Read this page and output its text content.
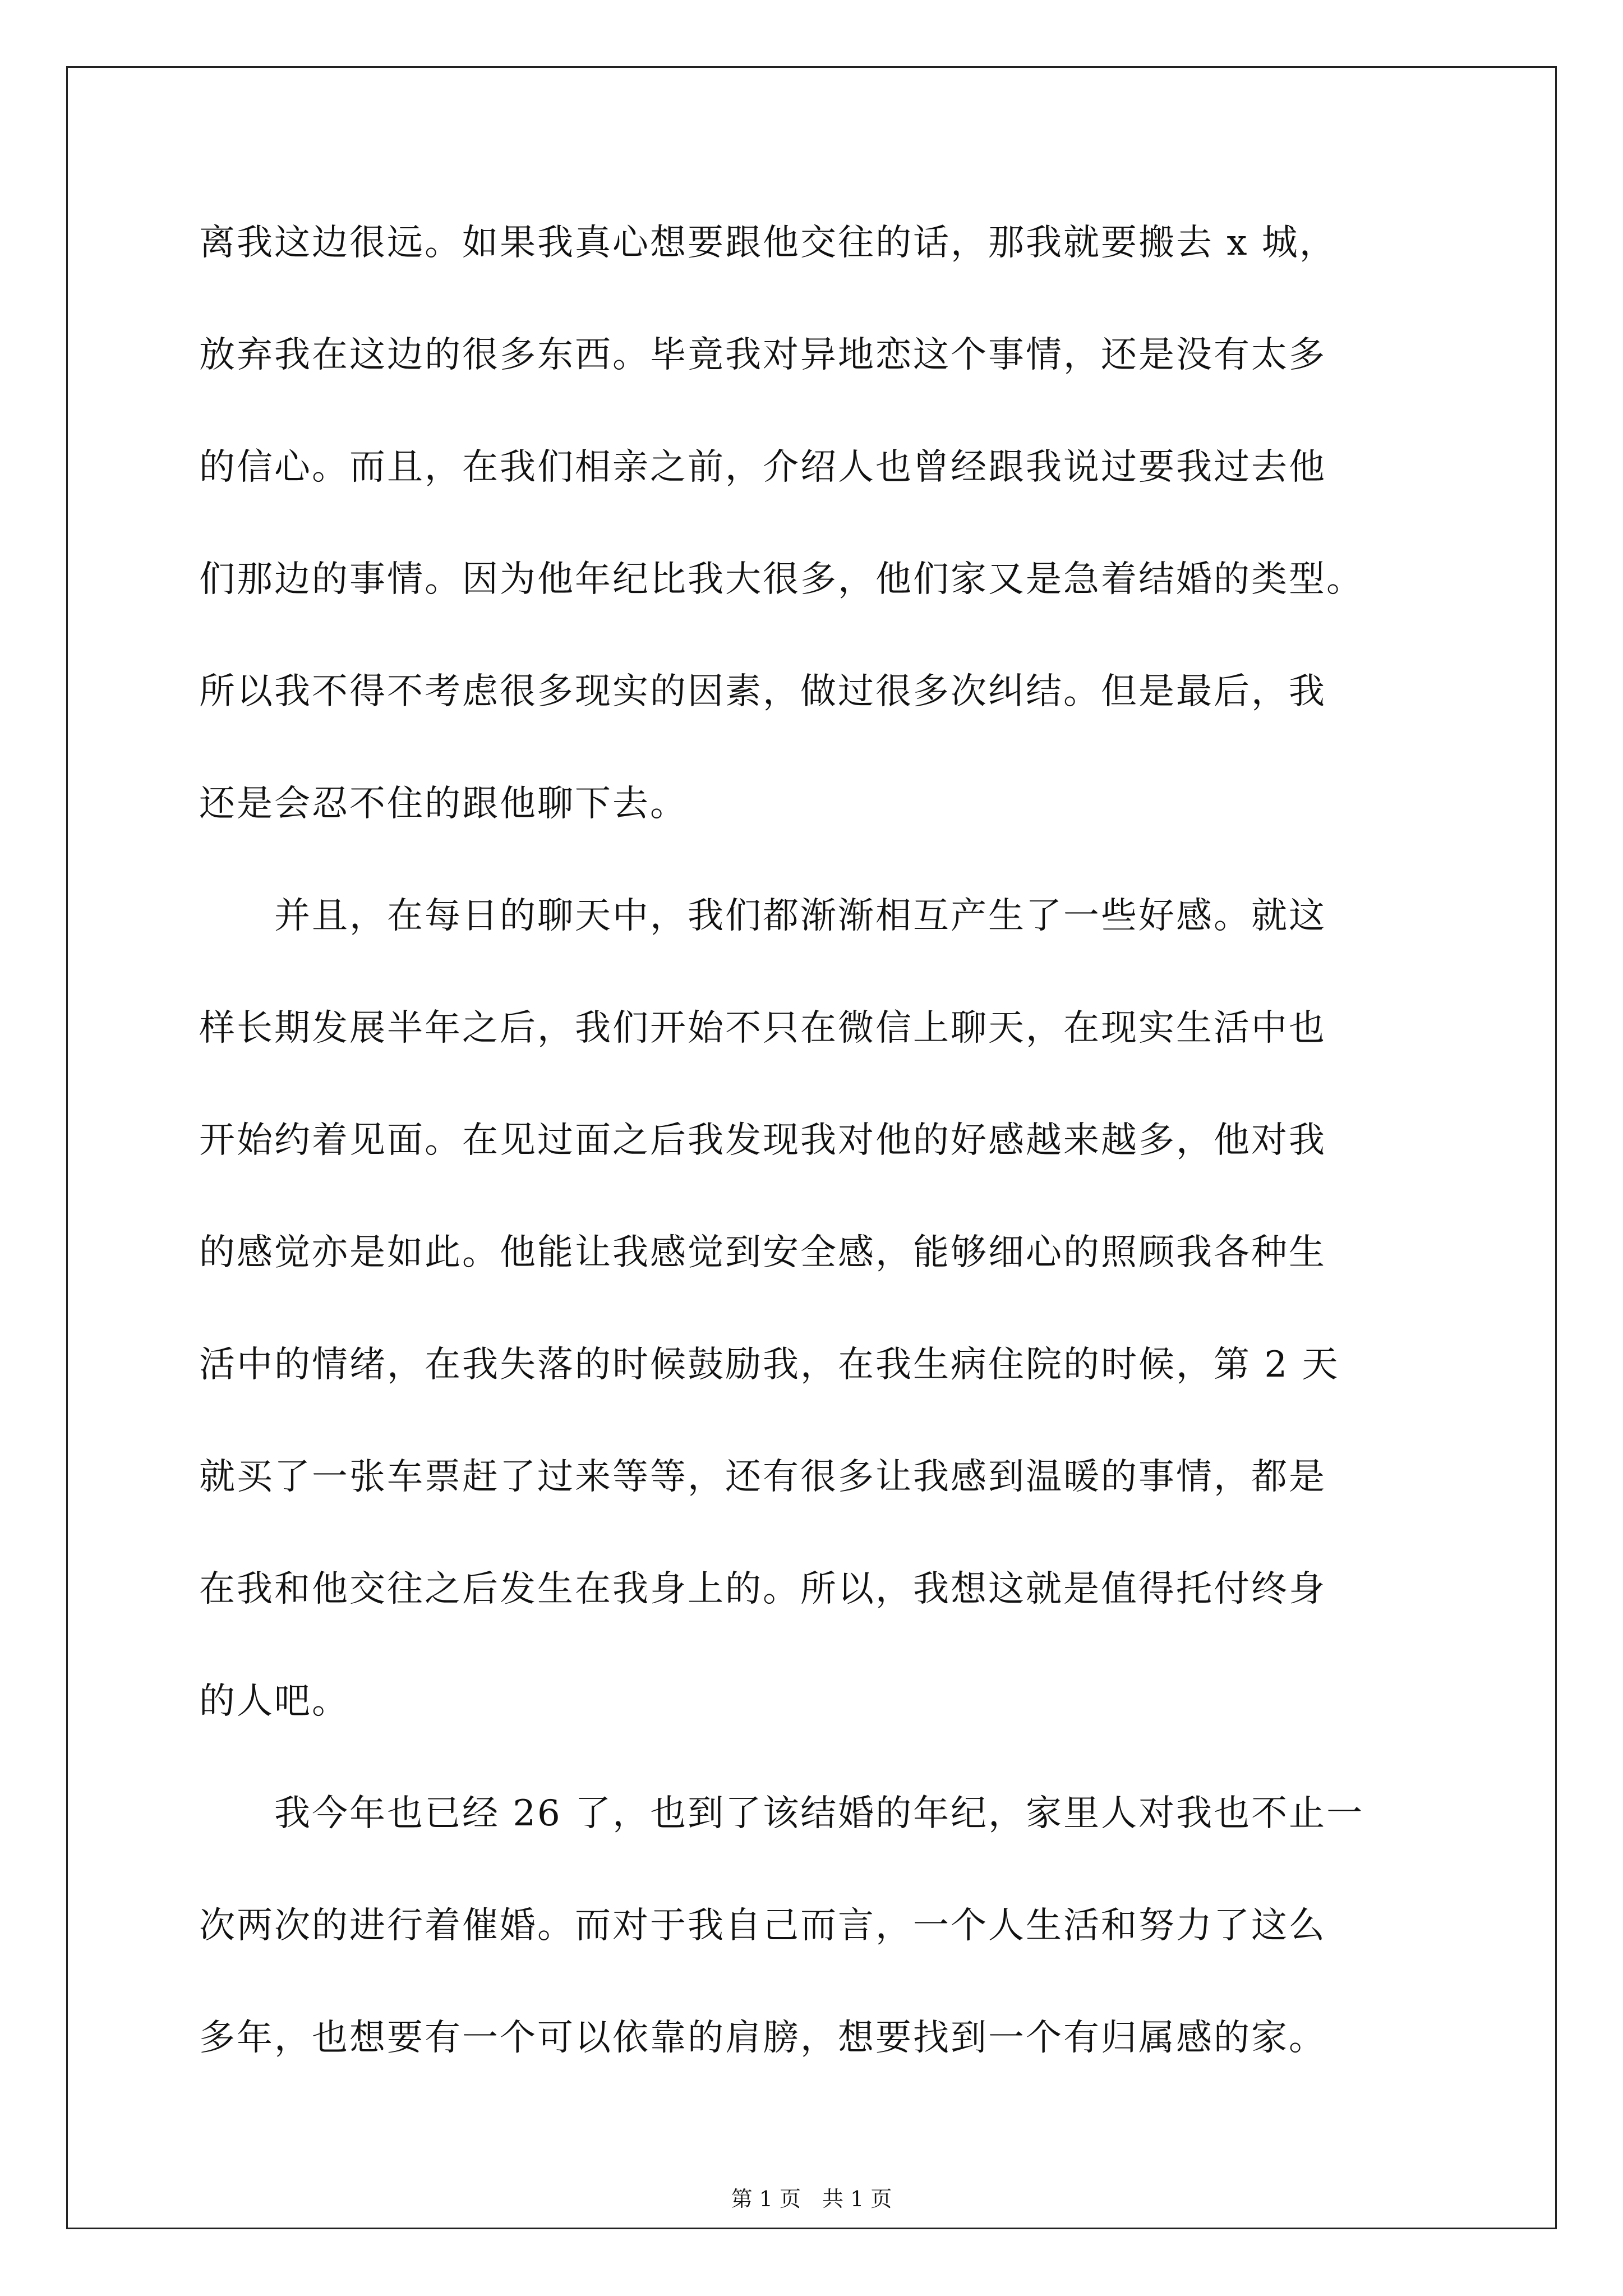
离我这边很远。如果我真心想要跟他交往的话，那我就要搬去 x 城，
放弃我在这边的很多东西。毕竟我对异地恋这个事情，还是没有太多
的信心。而且，在我们相亲之前，介绍人也曾经跟我说过要我过去他
们那边的事情。因为他年纪比我大很多，他们家又是急着结婚的类型。
所以我不得不考虑很多现实的因素，做过很多次纠结。但是最后，我
还是会忍不住的跟他聊下去。
　　并且，在每日的聊天中，我们都渐渐相互产生了一些好感。就这
样长期发展半年之后，我们开始不只在微信上聊天，在现实生活中也
开始约着见面。在见过面之后我发现我对他的好感越来越多，他对我
的感觉亦是如此。他能让我感觉到安全感，能够细心的照顾我各种生
活中的情绪，在我失落的时候鼓励我，在我生病住院的时候，第 2 天
就买了一张车票赶了过来等等，还有很多让我感到温暖的事情，都是
在我和他交往之后发生在我身上的。所以，我想这就是值得托付终身
的人吧。
　　我今年也已经 26 了，也到了该结婚的年纪，家里人对我也不止一
次两次的进行着催婚。而对于我自己而言，一个人生活和努力了这么
多年，也想要有一个可以依靠的肩膀，想要找到一个有归属感的家。
第 1 页　共 1 页
